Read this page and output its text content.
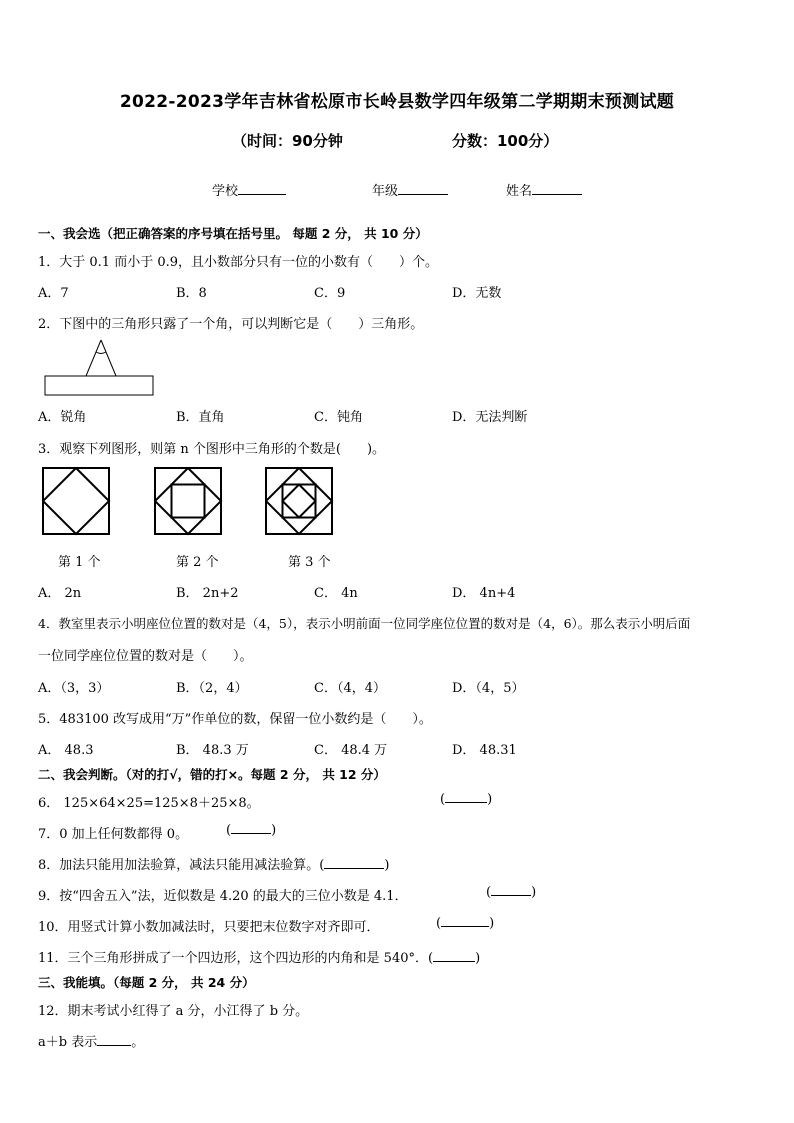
2022-2023学年吉林省松原市长岭县数学四年级第二学期期末预测试题
（时间：90分钟	分数：100分）
学校	年级	姓名
一、我会选（把正确答案的序号填在括号里。 每题 2 分， 共 10 分）
1．大于 0.1 而小于 0.9，且小数部分只有一位的小数有（　　）个。
A．7	B．8	C．9	D．无数
2．下图中的三角形只露了一个角，可以判断它是（　　）三角形。
A．锐角	B．直角	C．钝角	D．无法判断
3．观察下列图形，则第 n 个图形中三角形的个数是(　　)。
第 1 个	第 2 个	第 3 个
A． 2n	B． 2n+2	C． 4n	D． 4n+4
4．教室里表示小明座位位置的数对是（4，5），表示小明前面一位同学座位位置的数对是（4，6）。那么表示小明后面
一位同学座位位置的数对是（　　）。
A．（3，3）	B．（2，4）	C．（4，4）	D．（4，5）
5．483100 改写成用“万”作单位的数，保留一位小数约是（　　）。
A． 48.3	B． 48.3 万	C． 48.4 万	D． 48.31
二、我会判断。（对的打√，错的打×。每题 2 分， 共 12 分）
6． 125×64×25=125×8＋25×8。	(	)
7．0 加上任何数都得 0。	(	)
8．加法只能用加法验算，减法只能用减法验算。(	)
9．按“四舍五入”法，近似数是 4.20 的最大的三位小数是 4.1．	(	)
10．用竖式计算小数加减法时，只要把末位数字对齐即可．	(	)
11．三个三角形拼成了一个四边形，这个四边形的内角和是 540°．(	)
三、我能填。（每题 2 分， 共 24 分）
12．期末考试小红得了 a 分，小江得了 b 分。
a＋b 表示	。
